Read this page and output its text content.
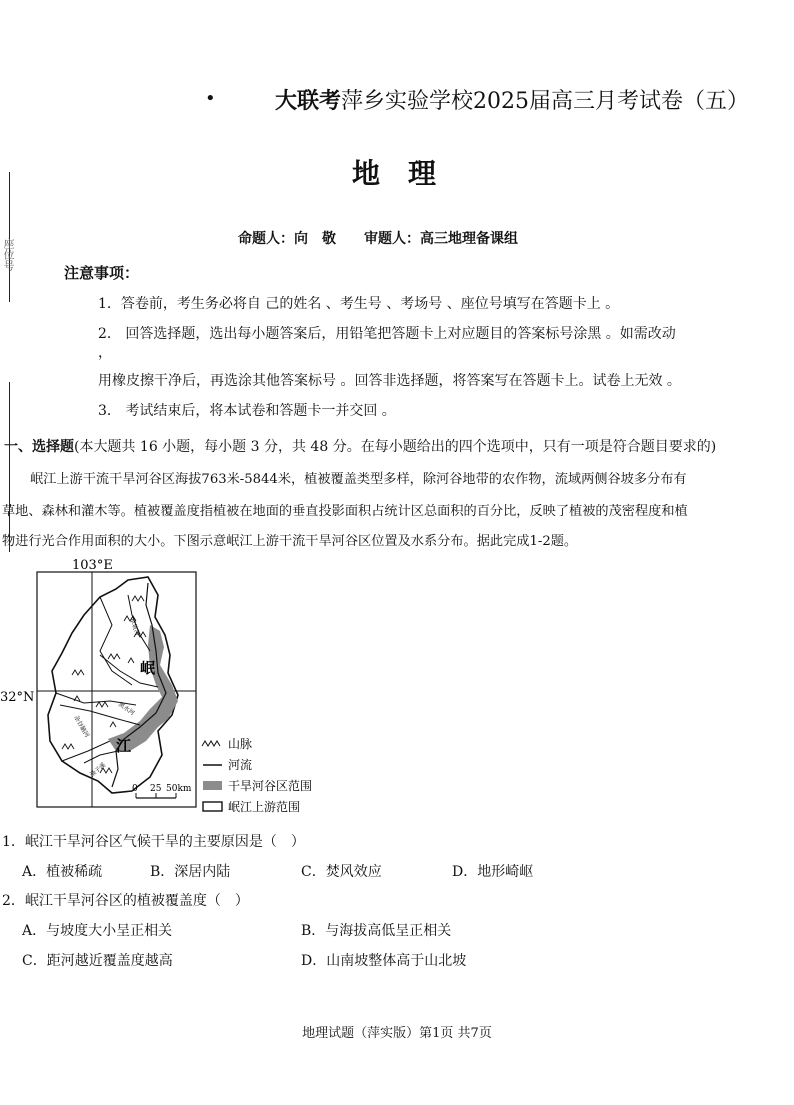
•	大联考萍乡实验学校2025届高三月考试卷（五）
地理
命题人：向　敬　　审题人：高三地理备课组
座位号
注意事项：
1．答卷前，考生务必将自 己的姓名 、考生号 、考场号 、座位号填写在答题卡上 。
2． 回答选择题，选出每小题答案后，用铅笔把答题卡上对应题目的答案标号涂黑 。如需改动
，
用橡皮擦干净后，再选涂其他答案标号 。回答非选择题，将答案写在答题卡上。试卷上无效 。
3． 考试结束后，将本试卷和答题卡一并交回 。
一、选择题(本大题共 16 小题，每小题 3 分，共 48 分。在每小题给出的四个选项中，只有一项是符合题目要求的)
岷江上游干流干旱河谷区海拔763米-5844米，植被覆盖类型多样，除河谷地带的农作物，流域两侧谷坡多分布有
草地、森林和灌木等。植被覆盖度指植被在地面的垂直投影面积占统计区总面积的百分比，反映了植被的茂密程度和植
物进行光合作用面积的大小。下图示意岷江上游干流干旱河谷区位置及水系分布。据此完成1-2题。
103°E
32°N
岷
江
黑水河
杂谷脑河
渔子溪
草坡河
0 25 50km
山脉
河流
干旱河谷区范围
岷江上游范围
1．岷江干旱河谷区气候干旱的主要原因是（　）
A．植被稀疏	B．深居内陆	C．焚风效应	D．地形崎岖
2．岷江干旱河谷区的植被覆盖度（　）
A．与坡度大小呈正相关	B．与海拔高低呈正相关
C．距河越近覆盖度越高	D．山南坡整体高于山北坡
地理试题（萍实版）第1页 共7页
